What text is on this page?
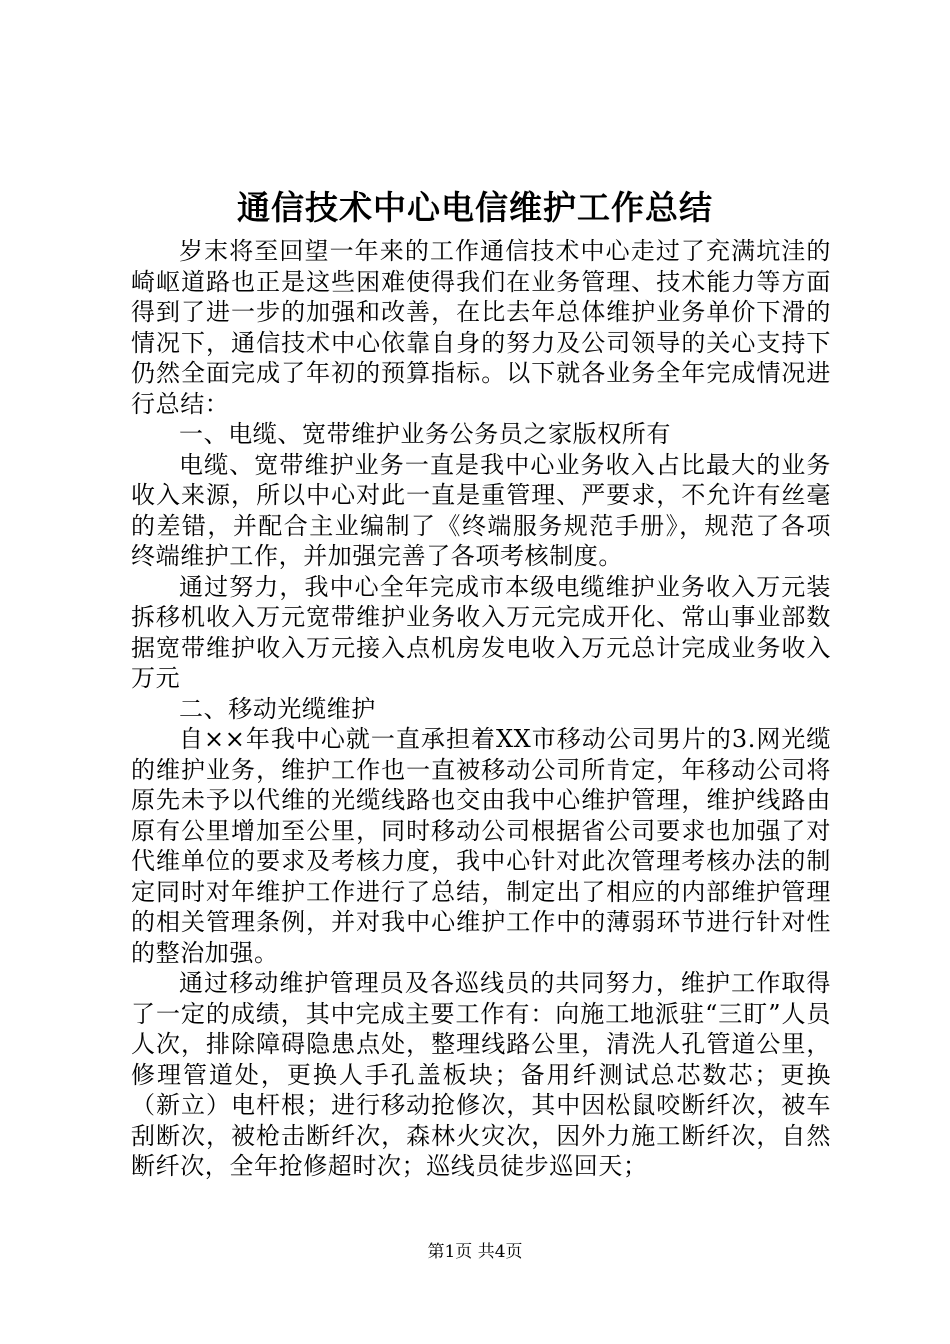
通信技术中心电信维护工作总结

岁末将至回望一年来的工作通信技术中心走过了充满坑洼的崎岖道路也正是这些困难使得我们在业务管理、技术能力等方面得到了进一步的加强和改善，在比去年总体维护业务单价下滑的情况下，通信技术中心依靠自身的努力及公司领导的关心支持下仍然全面完成了年初的预算指标。以下就各业务全年完成情况进行总结：

一、电缆、宽带维护业务公务员之家版权所有

电缆、宽带维护业务一直是我中心业务收入占比最大的业务收入来源，所以中心对此一直是重管理、严要求，不允许有丝毫的差错，并配合主业编制了《终端服务规范手册》，规范了各项终端维护工作，并加强完善了各项考核制度。

通过努力，我中心全年完成市本级电缆维护业务收入万元装拆移机收入万元宽带维护业务收入万元完成开化、常山事业部数据宽带维护收入万元接入点机房发电收入万元总计完成业务收入万元

二、移动光缆维护

自××年我中心就一直承担着XX市移动公司男片的3.网光缆的维护业务，维护工作也一直被移动公司所肯定，年移动公司将原先未予以代维的光缆线路也交由我中心维护管理，维护线路由原有公里增加至公里，同时移动公司根据省公司要求也加强了对代维单位的要求及考核力度，我中心针对此次管理考核办法的制定同时对年维护工作进行了总结，制定出了相应的内部维护管理的相关管理条例，并对我中心维护工作中的薄弱环节进行针对性的整治加强。

通过移动维护管理员及各巡线员的共同努力，维护工作取得了一定的成绩，其中完成主要工作有：向施工地派驻“三盯”人员人次，排除障碍隐患点处，整理线路公里，清洗人孔管道公里，修理管道处，更换人手孔盖板块；备用纤测试总芯数芯；更换（新立）电杆根；进行移动抢修次，其中因松鼠咬断纤次，被车刮断次，被枪击断纤次，森林火灾次，因外力施工断纤次，自然断纤次，全年抢修超时次；巡线员徒步巡回天；

第1页 共4页
